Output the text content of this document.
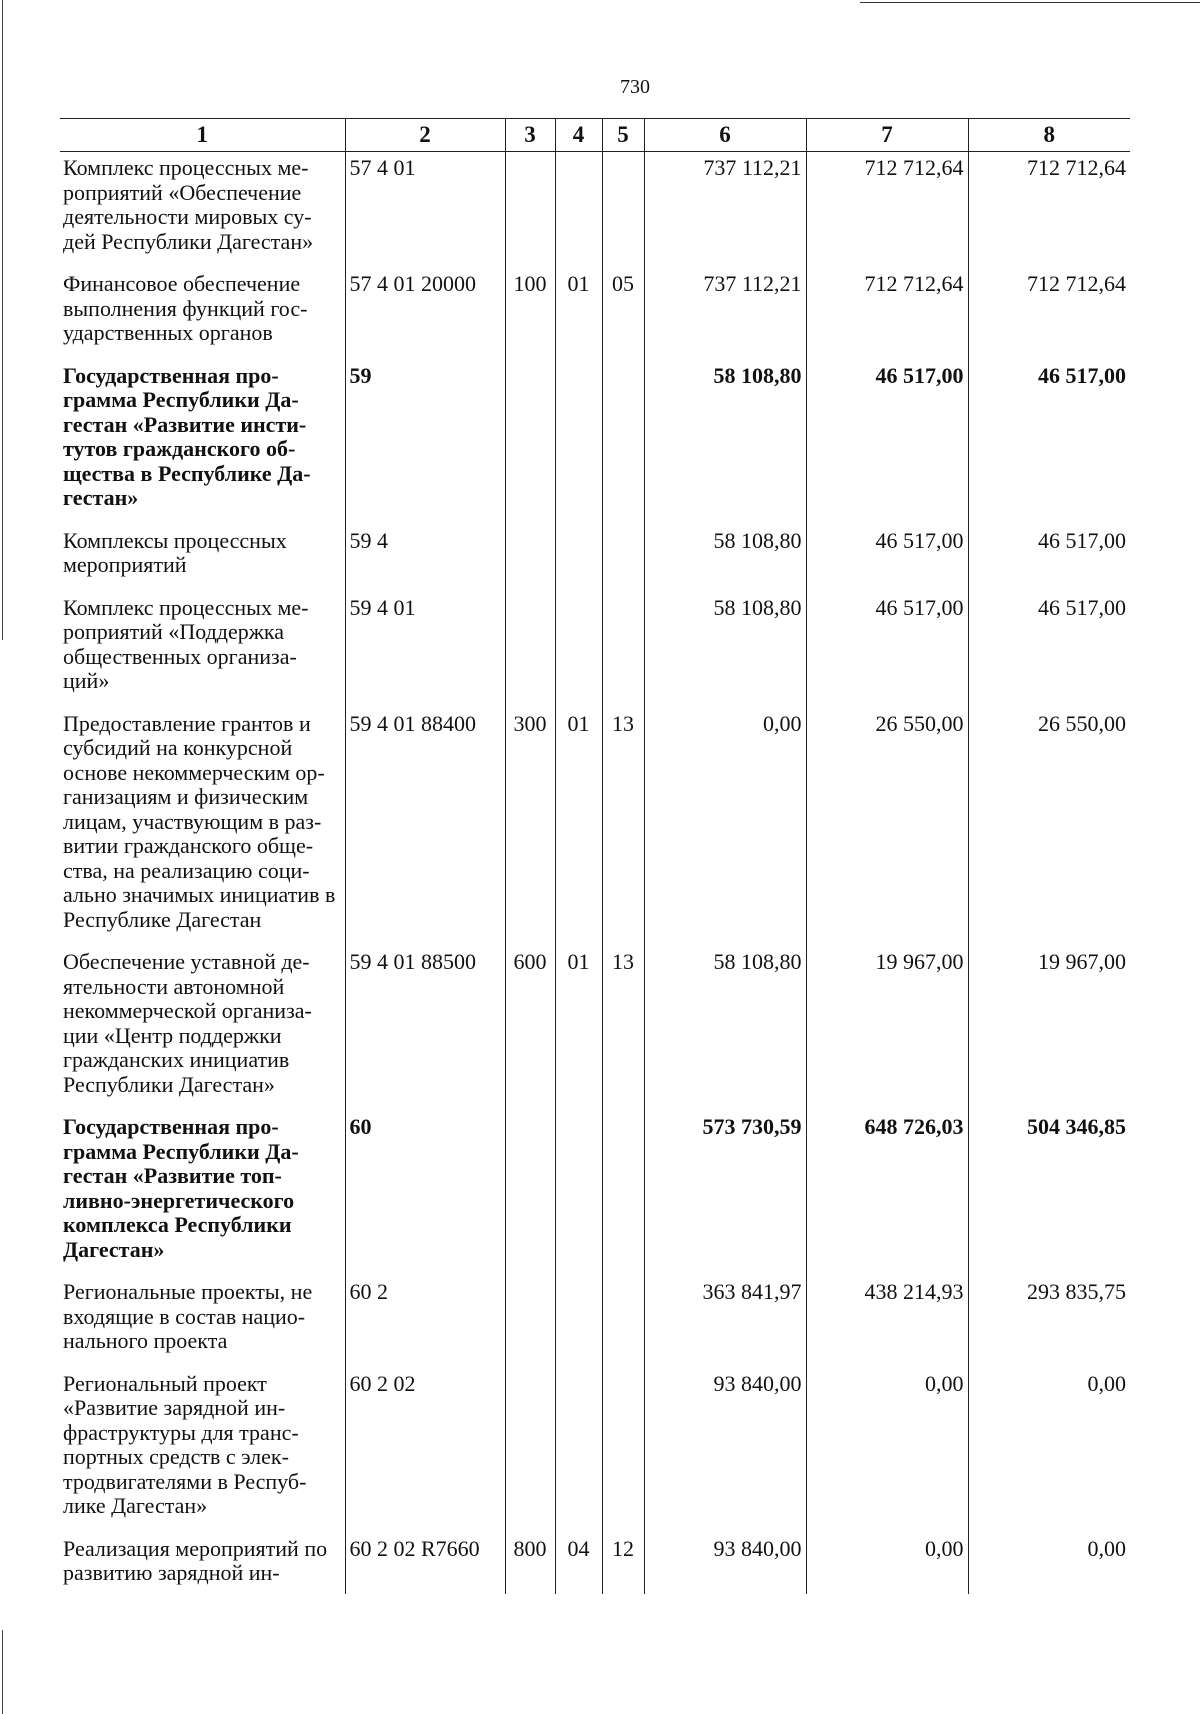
730
1	2	3	4	5	6	7	8
Комплекс процессных ме-роприятий «Обеспечение деятельности мировых су-дей Республики Дагестан»	57 4 01				737 112,21	712 712,64	712 712,64
Финансовое обеспечение выполнения функций гос-ударственных органов	57 4 01 20000	100	01	05	737 112,21	712 712,64	712 712,64
Государственная про-грамма Республики Да-гестан «Развитие инсти-тутов гражданского об-щества в Республике Да-гестан»	59				58 108,80	46 517,00	46 517,00
Комплексы процессных мероприятий	59 4				58 108,80	46 517,00	46 517,00
Комплекс процессных ме-роприятий «Поддержка общественных организа-ций»	59 4 01				58 108,80	46 517,00	46 517,00
Предоставление грантов и субсидий на конкурсной основе некоммерческим ор-ганизациям и физическим лицам, участвующим в раз-витии гражданского обще-ства, на реализацию соци-ально значимых инициатив в Республике Дагестан	59 4 01 88400	300	01	13	0,00	26 550,00	26 550,00
Обеспечение уставной де-ятельности автономной некоммерческой организа-ции «Центр поддержки гражданских инициатив Республики Дагестан»	59 4 01 88500	600	01	13	58 108,80	19 967,00	19 967,00
Государственная про-грамма Республики Да-гестан «Развитие топ-ливно-энергетического комплекса Республики Дагестан»	60				573 730,59	648 726,03	504 346,85
Региональные проекты, не входящие в состав нацио-нального проекта	60 2				363 841,97	438 214,93	293 835,75
Региональный проект «Развитие зарядной ин-фраструктуры для транс-портных средств с элек-тродвигателями в Респуб-лике Дагестан»	60 2 02				93 840,00	0,00	0,00
Реализация мероприятий по развитию зарядной ин-	60 2 02 R7660	800	04	12	93 840,00	0,00	0,00
